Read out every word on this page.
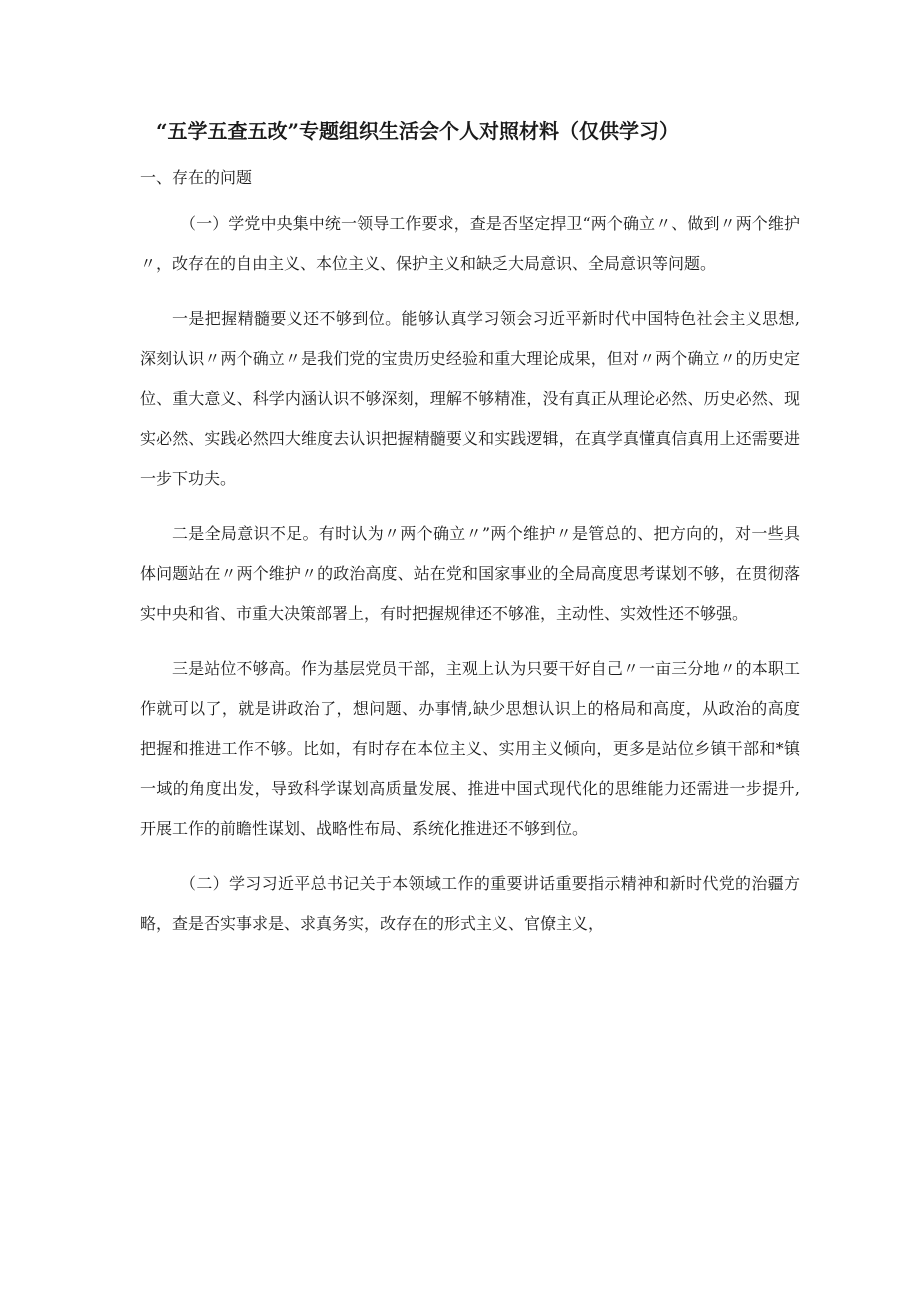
“五学五查五改”专题组织生活会个人对照材料（仅供学习）

一、存在的问题

（一）学党中央集中统一领导工作要求，查是否坚定捍卫“两个确立〃、做到〃两个维护〃，改存在的自由主义、本位主义、保护主义和缺乏大局意识、全局意识等问题。

一是把握精髓要义还不够到位。能够认真学习领会习近平新时代中国特色社会主义思想,深刻认识〃两个确立〃是我们党的宝贵历史经验和重大理论成果，但对〃两个确立〃的历史定位、重大意义、科学内涵认识不够深刻，理解不够精准，没有真正从理论必然、历史必然、现实必然、实践必然四大维度去认识把握精髓要义和实践逻辑，在真学真懂真信真用上还需要进一步下功夫。

二是全局意识不足。有时认为〃两个确立〃”两个维护〃是管总的、把方向的，对一些具体问题站在〃两个维护〃的政治高度、站在党和国家事业的全局高度思考谋划不够，在贯彻落实中央和省、市重大决策部署上，有时把握规律还不够准，主动性、实效性还不够强。

三是站位不够高。作为基层党员干部，主观上认为只要干好自己〃一亩三分地〃的本职工作就可以了，就是讲政治了，想问题、办事情,缺少思想认识上的格局和高度，从政治的高度把握和推进工作不够。比如，有时存在本位主义、实用主义倾向，更多是站位乡镇干部和*镇一域的角度出发，导致科学谋划高质量发展、推进中国式现代化的思维能力还需进一步提升,开展工作的前瞻性谋划、战略性布局、系统化推进还不够到位。

（二）学习习近平总书记关于本领域工作的重要讲话重要指示精神和新时代党的治疆方略，查是否实事求是、求真务实，改存在的形式主义、官僚主义，
